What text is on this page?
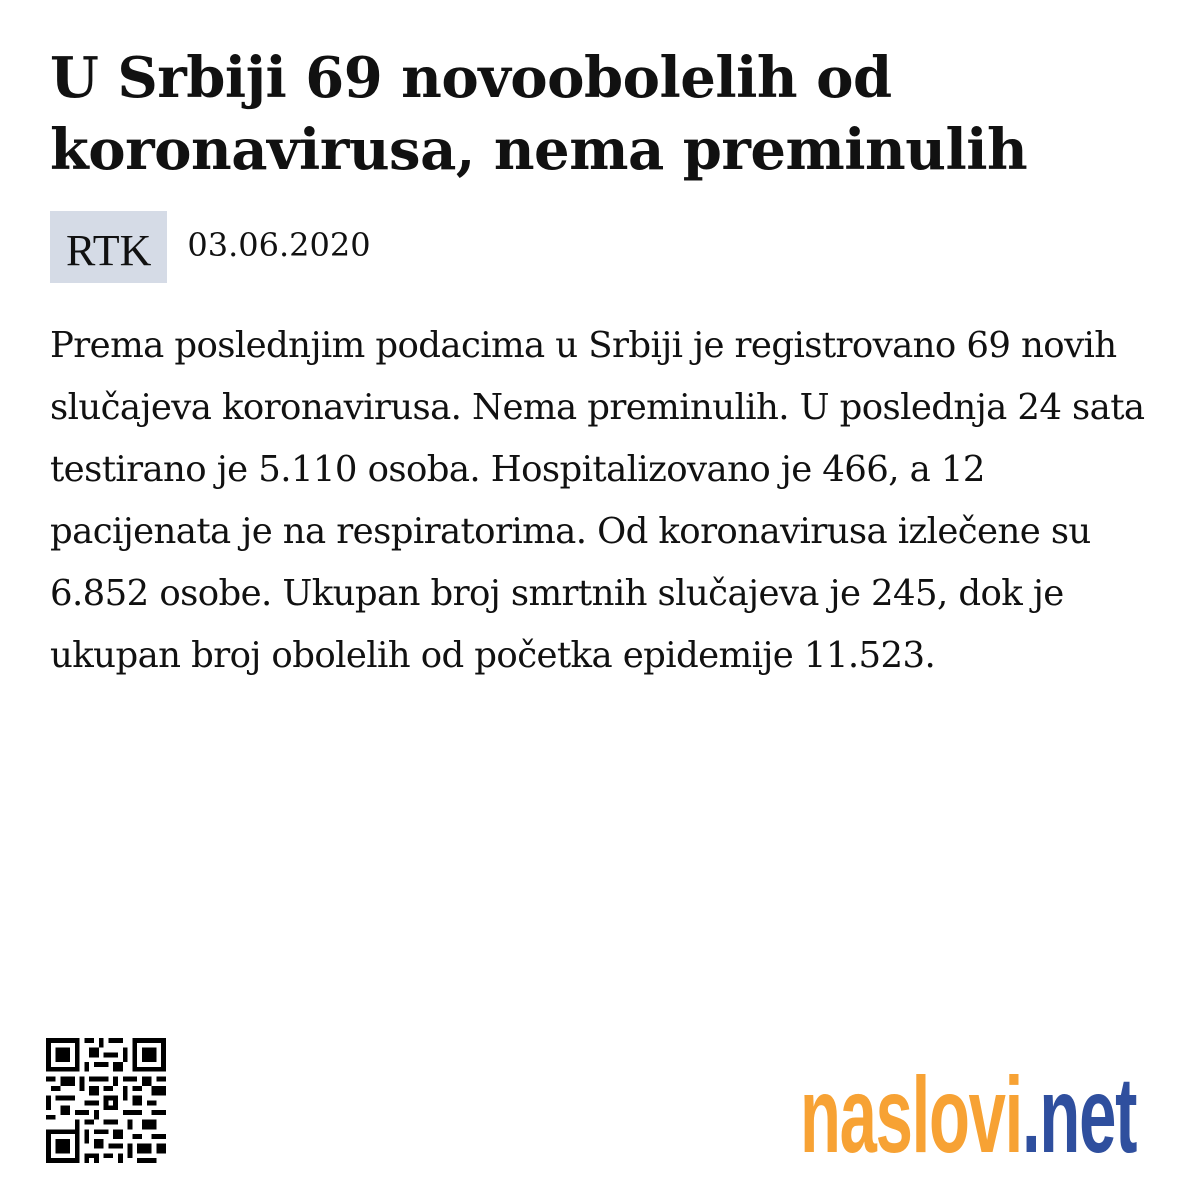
U Srbiji 69 novoobolelih od koronavirusa, nema preminulih
RTK	03.06.2020

Prema poslednjim podacima u Srbiji je registrovano 69 novih slučajeva koronavirusa. Nema preminulih. U poslednja 24 sata testirano je 5.110 osoba. Hospitalizovano je 466, a 12 pacijenata je na respiratorima. Od koronavirusa izlečene su 6.852 osobe. Ukupan broj smrtnih slučajeva je 245, dok je ukupan broj obolelih od početka epidemije 11.523.

naslovi .net
